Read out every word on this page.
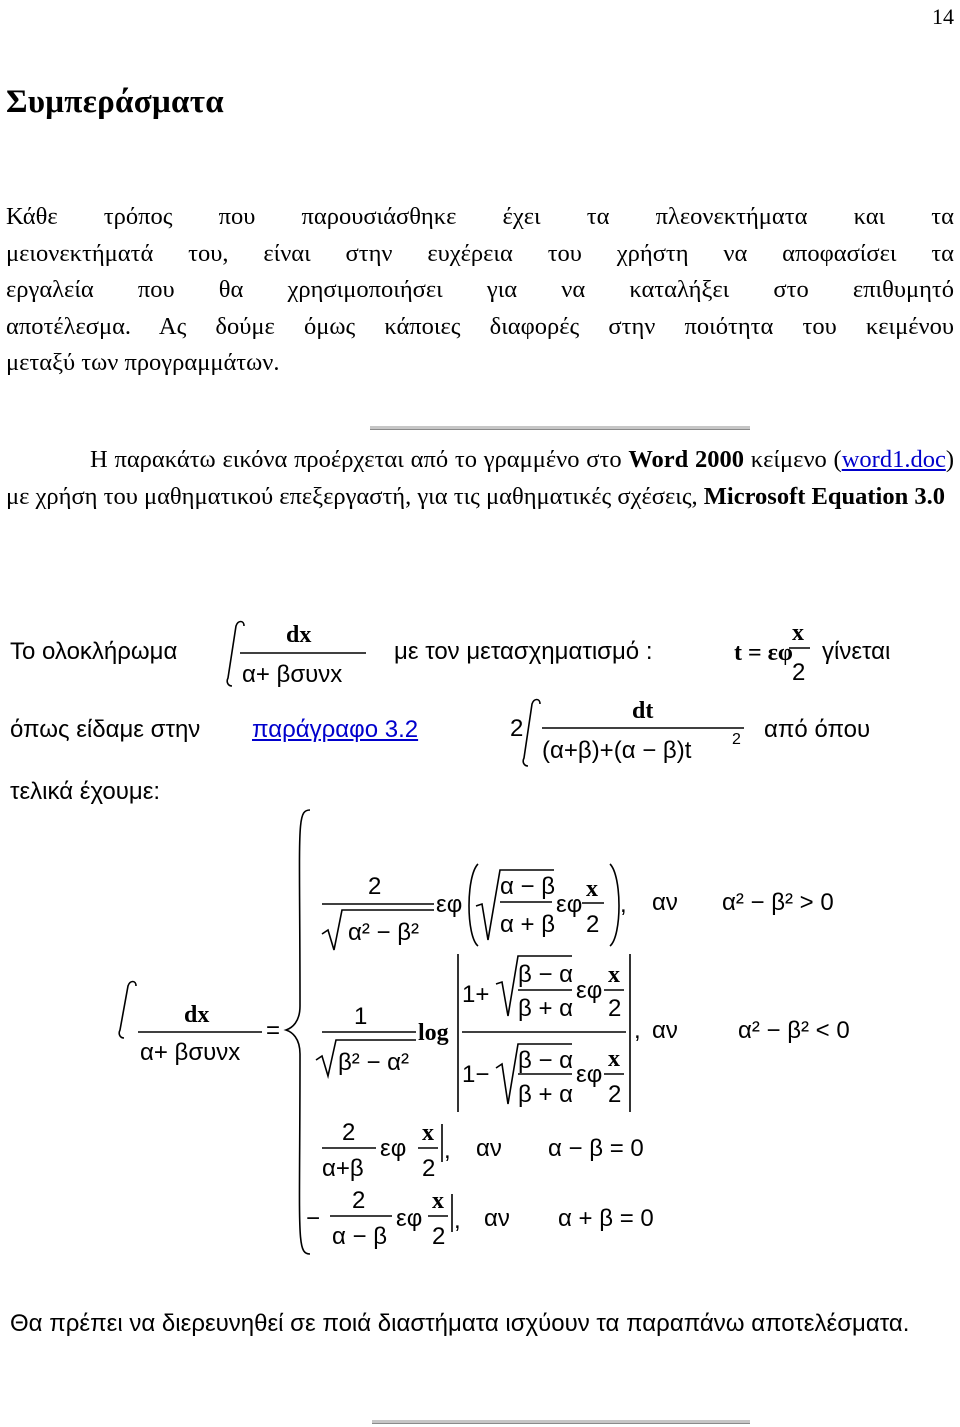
14
Συμπεράσματα
Κάθε τρόπος που παρουσιάσθηκε έχει τα πλεονεκτήματα και τα
μειονεκτήματά του, είναι στην ευχέρεια του χρήστη να αποφασίσει τα
εργαλεία που θα χρησιμοποιήσει για να καταλήξει στο επιθυμητό
αποτέλεσμα. Ας δούμε όμως κάποιες διαφορές στην ποιότητα του κειμένου
μεταξύ των προγραμμάτων.
Η παρακάτω εικόνα προέρχεται από το γραμμένο στο Word 2000 κείμενο (word1.doc) με χρήση του μαθηματικού επεξεργαστή, για τις μαθηματικές σχέσεις, Microsoft Equation 3.0
Το ολοκλήρωμα
dx
α+ βσυνx
με τον μετασχηματισμό :	t = εφ
x
2
γίνεται
όπως είδαμε στην παράγραφο 3.2	2
dt
(α+β)+(α − β)t	2 από όπου
τελικά έχουμε:
dx
α+ βσυνx
=
2
α² − β²
εφ
α − β
α + β
εφ
x
2
, αν α² − β² > 0
1
β² − α²
log
1+
β − α
β + α
εφ
x
2
1−
β − α
β + α
εφ
x
2
, αν	α² − β² < 0
2
α+β
εφ
x
2
, αν α − β = 0
−
2
α − β
εφ
x
2
, αν α + β = 0
Θα πρέπει να διερευνηθεί σε ποιά διαστήματα ισχύουν τα παραπάνω αποτελέσματα.
